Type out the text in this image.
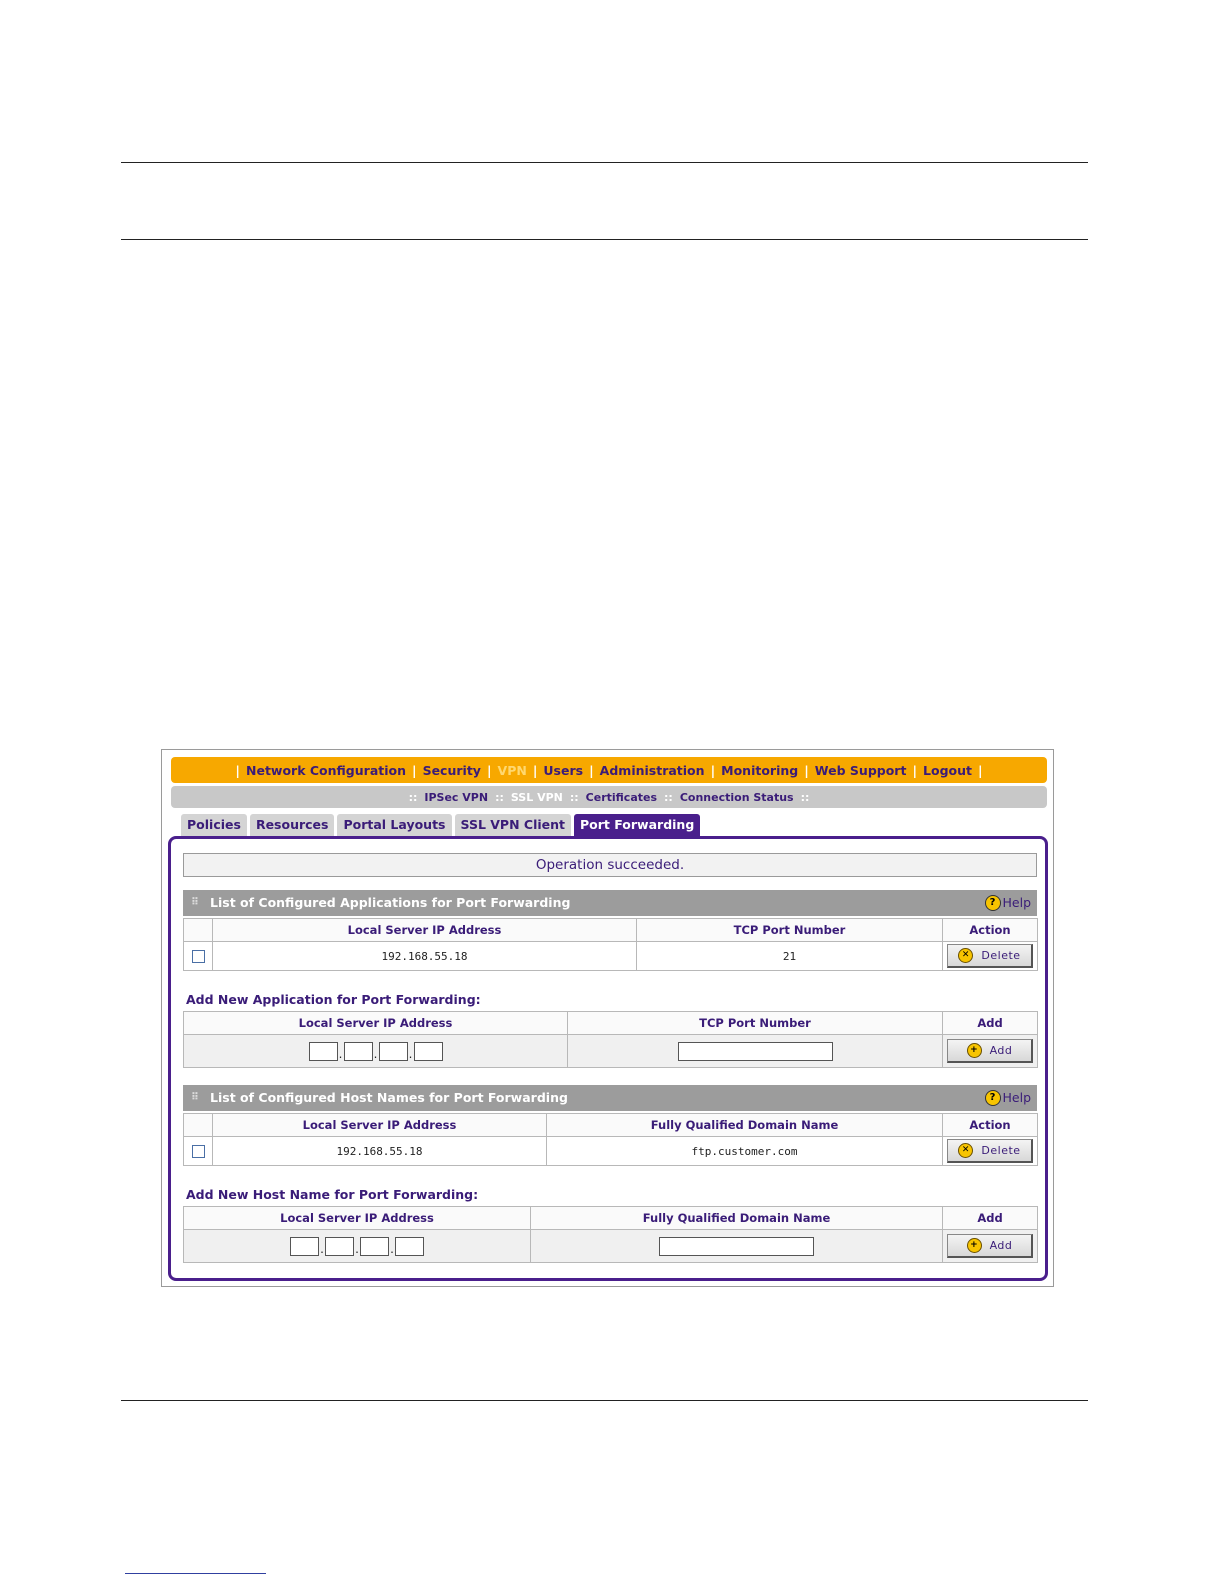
| Network Configuration | Security | VPN | Users | Administration | Monitoring | Web Support | Logout |
:: IPSec VPN :: SSL VPN :: Certificates :: Connection Status ::
Policies	Resources	Portal Layouts	SSL VPN Client	Port Forwarding
Operation succeeded.
⠿ List of Configured Applications for Port Forwarding	? Help
	Local Server IP Address	TCP Port Number	Action
	192.168.55.18	21	✕ Delete
Add New Application for Port Forwarding:
Local Server IP Address	TCP Port Number	Add
. . .		+ Add
⠿ List of Configured Host Names for Port Forwarding	? Help
	Local Server IP Address	Fully Qualified Domain Name	Action
	192.168.55.18	ftp.customer.com	✕ Delete
Add New Host Name for Port Forwarding:
Local Server IP Address	Fully Qualified Domain Name	Add
. . .		+ Add
